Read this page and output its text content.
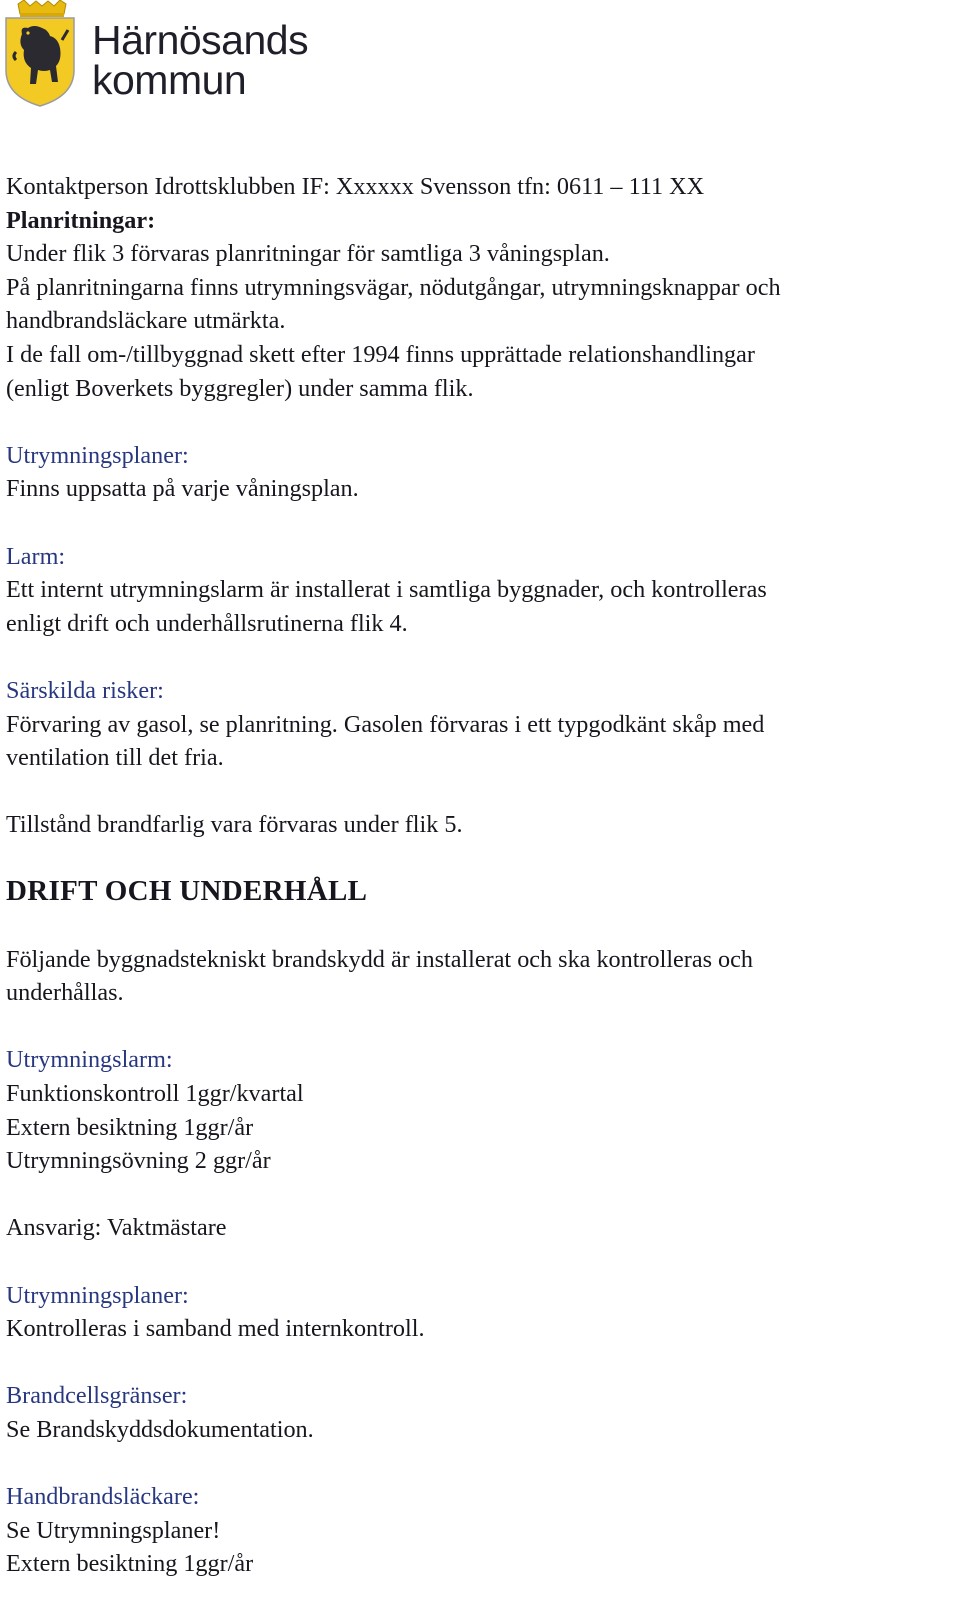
Härnösands
kommun
Kontaktperson Idrottsklubben IF: Xxxxxx Svensson tfn: 0611 – 111 XX
Planritningar:
Under flik 3 förvaras planritningar för samtliga 3 våningsplan.
På planritningarna finns utrymningsvägar, nödutgångar, utrymningsknappar och
handbrandsläckare utmärkta.
I de fall om-/tillbyggnad skett efter 1994 finns upprättade relationshandlingar
(enligt Boverkets byggregler) under samma flik.
Utrymningsplaner:
Finns uppsatta på varje våningsplan.
Larm:
Ett internt utrymningslarm är installerat i samtliga byggnader, och kontrolleras
enligt drift och underhållsrutinerna flik 4.
Särskilda risker:
Förvaring av gasol, se planritning. Gasolen förvaras i ett typgodkänt skåp med
ventilation till det fria.
Tillstånd brandfarlig vara förvaras under flik 5.
DRIFT OCH UNDERHÅLL
Följande byggnadstekniskt brandskydd är installerat och ska kontrolleras och
underhållas.
Utrymningslarm:
Funktionskontroll 1ggr/kvartal
Extern besiktning 1ggr/år
Utrymningsövning 2 ggr/år
Ansvarig: Vaktmästare
Utrymningsplaner:
Kontrolleras i samband med internkontroll.
Brandcellsgränser:
Se Brandskyddsdokumentation.
Handbrandsläckare:
Se Utrymningsplaner!
Extern besiktning 1ggr/år
